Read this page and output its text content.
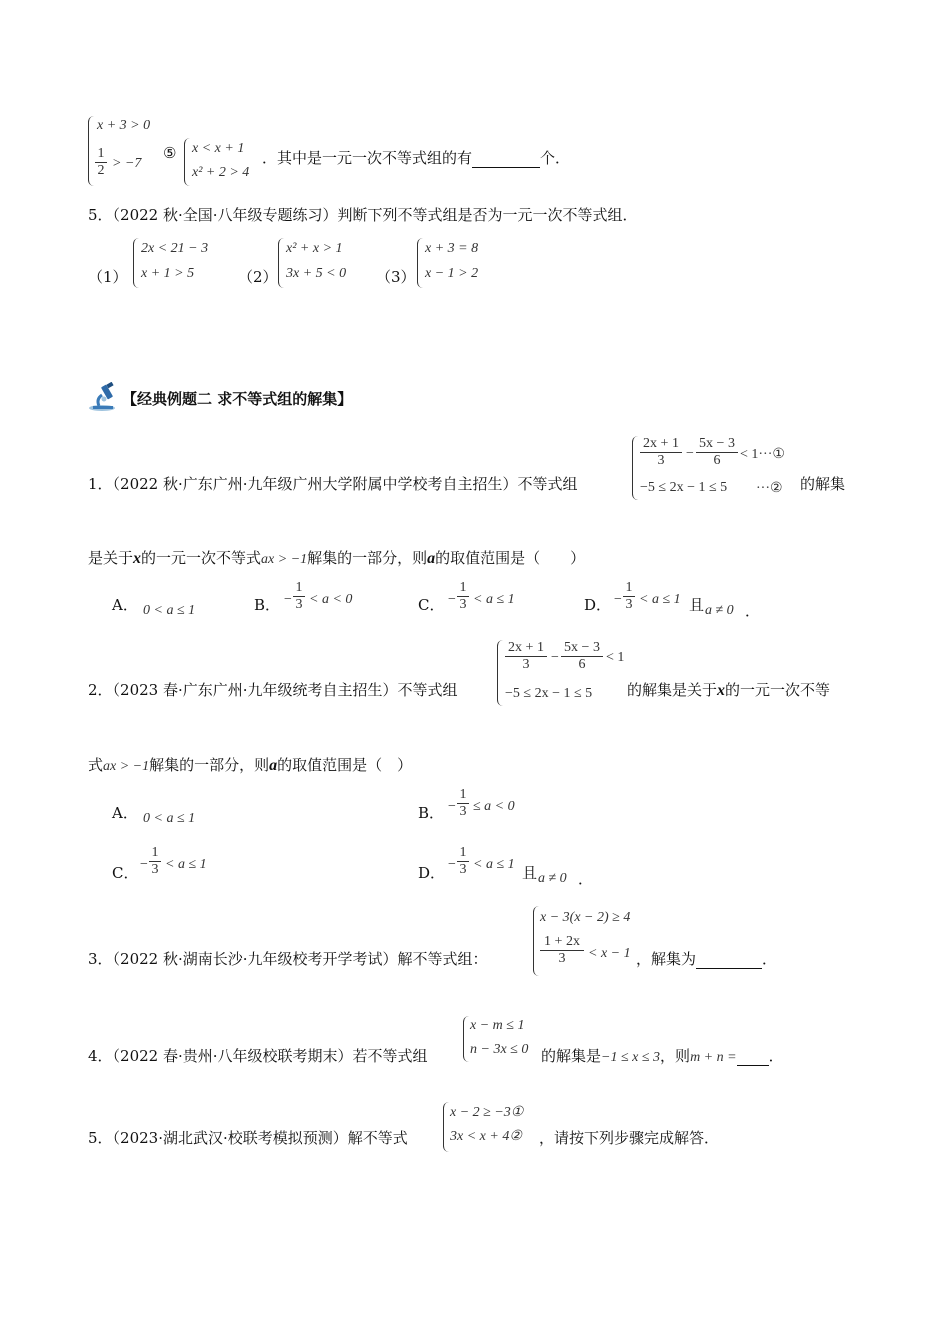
x + 3 > 0
$\frac{1}{2} > -7$
⑤ x < x + 1
x² + 2 > 4
．其中是一元一次不等式组的有	个．
5．（2022 秋·全国·八年级专题练习）判断下列不等式组是否为一元一次不等式组．
（1）
2x < 21 − 3
x + 1 > 5	（2）
x² + x > 1
3x + 5 < 0 （3）
x + 3 = 8
x − 1 > 2
【经典例题二 求不等式组的解集】
1．（2022 秋·广东广州·九年级广州大学附属中学校考自主招生）不等式组
$\frac{2x + 1}{3} - \frac{5x - 3}{6}$ < 1···①
−5 ≤ 2x − 1 ≤ 5 ···② 的解集
是关于x的一元一次不等式ax > −1解集的一部分，则a的取值范围是（　　）
A． 0 < a ≤ 1	B． − $\frac{1}{3} < a < 0$	C． − $\frac{1}{3} < a \le 1$	D． − $\frac{1}{3} < a \le 1$ 且 a ≠ 0 ．
2．（2023 春·广东广州·九年级统考自主招生）不等式组
$\frac{2x + 1}{3} - \frac{5x - 3}{6} < 1$
−5 ≤ 2x − 1 ≤ 5 的解集是关于x的一元一次不等
式ax > −1解集的一部分，则a的取值范围是（　）
A． 0 < a ≤ 1	B． − $\frac{1}{3} \le a < 0$
C． − $\frac{1}{3} < a \le 1$	D． − $\frac{1}{3} < a \le 1$ 且 a ≠ 0 ．
3．（2022 秋·湖南长沙·九年级校考开学考试）解不等式组：
x − 3(x − 2) ≥ 4
$\frac{1 + 2x}{3} < x - 1$ ，解集为	．
4．（2022 春·贵州·八年级校联考期末）若不等式组
x − m ≤ 1
n − 3x ≤ 0 的解集是−1 ≤ x ≤ 3，则m + n = ．
5．（2023·湖北武汉·校联考模拟预测）解不等式
x − 2 ≥ −3①
3x < x + 4② ，请按下列步骤完成解答．
